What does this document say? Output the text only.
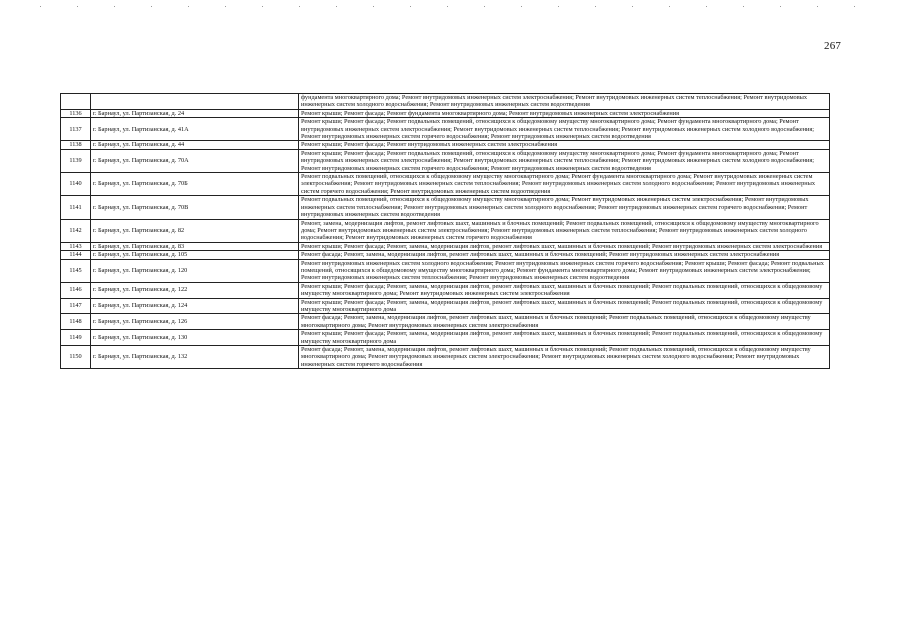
267
		фундамента многоквартирного дома; Ремонт внутридомовых инженерных систем электроснабжения; Ремонт внутридомовых инженерных систем теплоснабжения; Ремонт внутридомовых инженерных систем холодного водоснабжения; Ремонт внутридомовых инженерных систем водоотведения
1136	г. Барнаул, ул. Партизанская, д. 24	Ремонт крыши; Ремонт фасада; Ремонт фундамента многоквартирного дома; Ремонт внутридомовых инженерных систем электроснабжения
1137	г. Барнаул, ул. Партизанская, д. 41А	Ремонт крыши; Ремонт фасада; Ремонт подвальных помещений, относящихся к общедомовому имуществу многоквартирного дома; Ремонт фундамента многоквартирного дома; Ремонт внутридомовых инженерных систем электроснабжения; Ремонт внутридомовых инженерных систем теплоснабжения; Ремонт внутридомовых инженерных систем холодного водоснабжения; Ремонт внутридомовых инженерных систем горячего водоснабжения; Ремонт внутридомовых инженерных систем водоотведения
1138	г. Барнаул, ул. Партизанская, д. 44	Ремонт крыши; Ремонт фасада; Ремонт внутридомовых инженерных систем электроснабжения
1139	г. Барнаул, ул. Партизанская, д. 70А	Ремонт крыши; Ремонт фасада; Ремонт подвальных помещений, относящихся к общедомовому имуществу многоквартирного дома; Ремонт фундамента многоквартирного дома; Ремонт внутридомовых инженерных систем электроснабжения; Ремонт внутридомовых инженерных систем теплоснабжения; Ремонт внутридомовых инженерных систем холодного водоснабжения; Ремонт внутридомовых инженерных систем горячего водоснабжения; Ремонт внутридомовых инженерных систем водоотведения
1140	г. Барнаул, ул. Партизанская, д. 70Б	Ремонт подвальных помещений, относящихся к общедомовому имуществу многоквартирного дома; Ремонт фундамента многоквартирного дома; Ремонт внутридомовых инженерных систем электроснабжения; Ремонт внутридомовых инженерных систем теплоснабжения; Ремонт внутридомовых инженерных систем холодного водоснабжения; Ремонт внутридомовых инженерных систем горячего водоснабжения; Ремонт внутридомовых инженерных систем водоотведения
1141	г. Барнаул, ул. Партизанская, д. 70В	Ремонт подвальных помещений, относящихся к общедомовому имуществу многоквартирного дома; Ремонт внутридомовых инженерных систем электроснабжения; Ремонт внутридомовых инженерных систем теплоснабжения; Ремонт внутридомовых инженерных систем холодного водоснабжения; Ремонт внутридомовых инженерных систем горячего водоснабжения; Ремонт внутридомовых инженерных систем водоотведения
1142	г. Барнаул, ул. Партизанская, д. 82	Ремонт, замена, модернизация лифтов, ремонт лифтовых шахт, машинных и блочных помещений; Ремонт подвальных помещений, относящихся к общедомовому имуществу многоквартирного дома; Ремонт внутридомовых инженерных систем электроснабжения; Ремонт внутридомовых инженерных систем теплоснабжения; Ремонт внутридомовых инженерных систем холодного водоснабжения; Ремонт внутридомовых инженерных систем горячего водоснабжения
1143	г. Барнаул, ул. Партизанская, д. 83	Ремонт крыши; Ремонт фасада; Ремонт, замена, модернизация лифтов, ремонт лифтовых шахт, машинных и блочных помещений; Ремонт внутридомовых инженерных систем электроснабжения
1144	г. Барнаул, ул. Партизанская, д. 105	Ремонт фасада; Ремонт, замена, модернизация лифтов, ремонт лифтовых шахт, машинных и блочных помещений; Ремонт внутридомовых инженерных систем электроснабжения
1145	г. Барнаул, ул. Партизанская, д. 120	Ремонт внутридомовых инженерных систем холодного водоснабжения; Ремонт внутридомовых инженерных систем горячего водоснабжения; Ремонт крыши; Ремонт фасада; Ремонт подвальных помещений, относящихся к общедомовому имуществу многоквартирного дома; Ремонт фундамента многоквартирного дома; Ремонт внутридомовых инженерных систем электроснабжения; Ремонт внутридомовых инженерных систем теплоснабжения; Ремонт внутридомовых инженерных систем водоотведения
1146	г. Барнаул, ул. Партизанская, д. 122	Ремонт крыши; Ремонт фасада; Ремонт, замена, модернизация лифтов, ремонт лифтовых шахт, машинных и блочных помещений; Ремонт подвальных помещений, относящихся к общедомовому имуществу многоквартирного дома; Ремонт внутридомовых инженерных систем электроснабжения
1147	г. Барнаул, ул. Партизанская, д. 124	Ремонт крыши; Ремонт фасада; Ремонт, замена, модернизация лифтов, ремонт лифтовых шахт, машинных и блочных помещений; Ремонт подвальных помещений, относящихся к общедомовому имуществу многоквартирного дома
1148	г. Барнаул, ул. Партизанская, д. 126	Ремонт фасада; Ремонт, замена, модернизация лифтов, ремонт лифтовых шахт, машинных и блочных помещений; Ремонт подвальных помещений, относящихся к общедомовому имуществу многоквартирного дома; Ремонт внутридомовых инженерных систем электроснабжения
1149	г. Барнаул, ул. Партизанская, д. 130	Ремонт крыши; Ремонт фасада; Ремонт, замена, модернизация лифтов, ремонт лифтовых шахт, машинных и блочных помещений; Ремонт подвальных помещений, относящихся к общедомовому имуществу многоквартирного дома
1150	г. Барнаул, ул. Партизанская, д. 132	Ремонт фасада; Ремонт, замена, модернизация лифтов, ремонт лифтовых шахт, машинных и блочных помещений; Ремонт подвальных помещений, относящихся к общедомовому имуществу многоквартирного дома; Ремонт внутридомовых инженерных систем электроснабжения; Ремонт внутридомовых инженерных систем холодного водоснабжения; Ремонт внутридомовых инженерных систем горячего водоснабжения
